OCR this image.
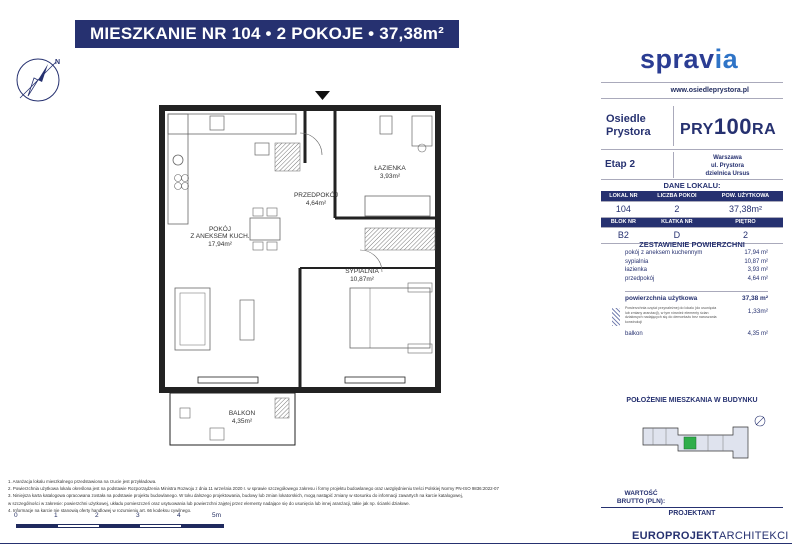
MIESZKANIE NR 104 • 2 POKOJE • 37,38m²
N
POKÓJ
Z ANEKSEM KUCH.
17,94m²
PRZEDPOKÓJ
4,64m²
ŁAZIENKA
3,93m²
SYPIALNIA
10,87m²
BALKON
4,35m²
spravia
www.osiedleprystora.pl
Osiedle
Prystora PRY100RA
Etap 2
Warszawa
ul. Prystora
dzielnica Ursus
DANE LOKALU:
LOKAL NR	LICZBA POKOI	POW. UŻYTKOWA
104	2	37,38m²
BLOK NR	KLATKA NR	PIĘTRO
B2	D	2
ZESTAWIENIE POWIERZCHNI
pokój z aneksem kuchennym	17,94 m²
sypialnia	10,87 m²
łazienka	3,93 m²
przedpokój	4,64 m²
powierzchnia użytkowa	37,38 m²
Powierzchnia części przynależnej do lokalu (do usunięcia lub zmiany aranżacji), w tym również elementy ścian działowych nadających się do demontażu bez naruszania konstrukcji
1,33m²
balkon	4,35 m²
POŁOŻENIE MIESZKANIA W BUDYNKU
WARTOŚĆ
BRUTTO (PLN):
PROJEKTANT
EUROPROJEKTARCHITEKCI
1. Aranżacja lokalu mieszkalnego przedstawiona na rzucie jest przykładowa.
2. Powierzchnia użytkowa lokalu określona jest na podstawie Rozporządzenia Ministra Rozwoju z dnia 11 września 2020 r. w sprawie szczegółowego zakresu i formy projektu budowlanego oraz uwzględnieniu treści Polskiej Normy PN-ISO 9836:2022-07
3. Niniejsza karta katalogowa opracowana została na podstawie projektu budowlanego. W toku dalszego projektowania, budowy lub zmian lokatorskich, mogą nastąpić zmiany w stosunku do informacji zawartych na karcie katalogowej,
w szczególności w zakresie: powierzchni użytkowej, układu pomieszczeń oraz usytuowania lub powierzchni zajętej przez elementy nadające się do usunięcia lub innej aranżacji, takie jak np. ścianki działowe.
4. Informacje na karcie nie stanowią oferty handlowej w rozumieniu art. 66 kodeksu cywilnego.
0	1	2	3	4	5m
